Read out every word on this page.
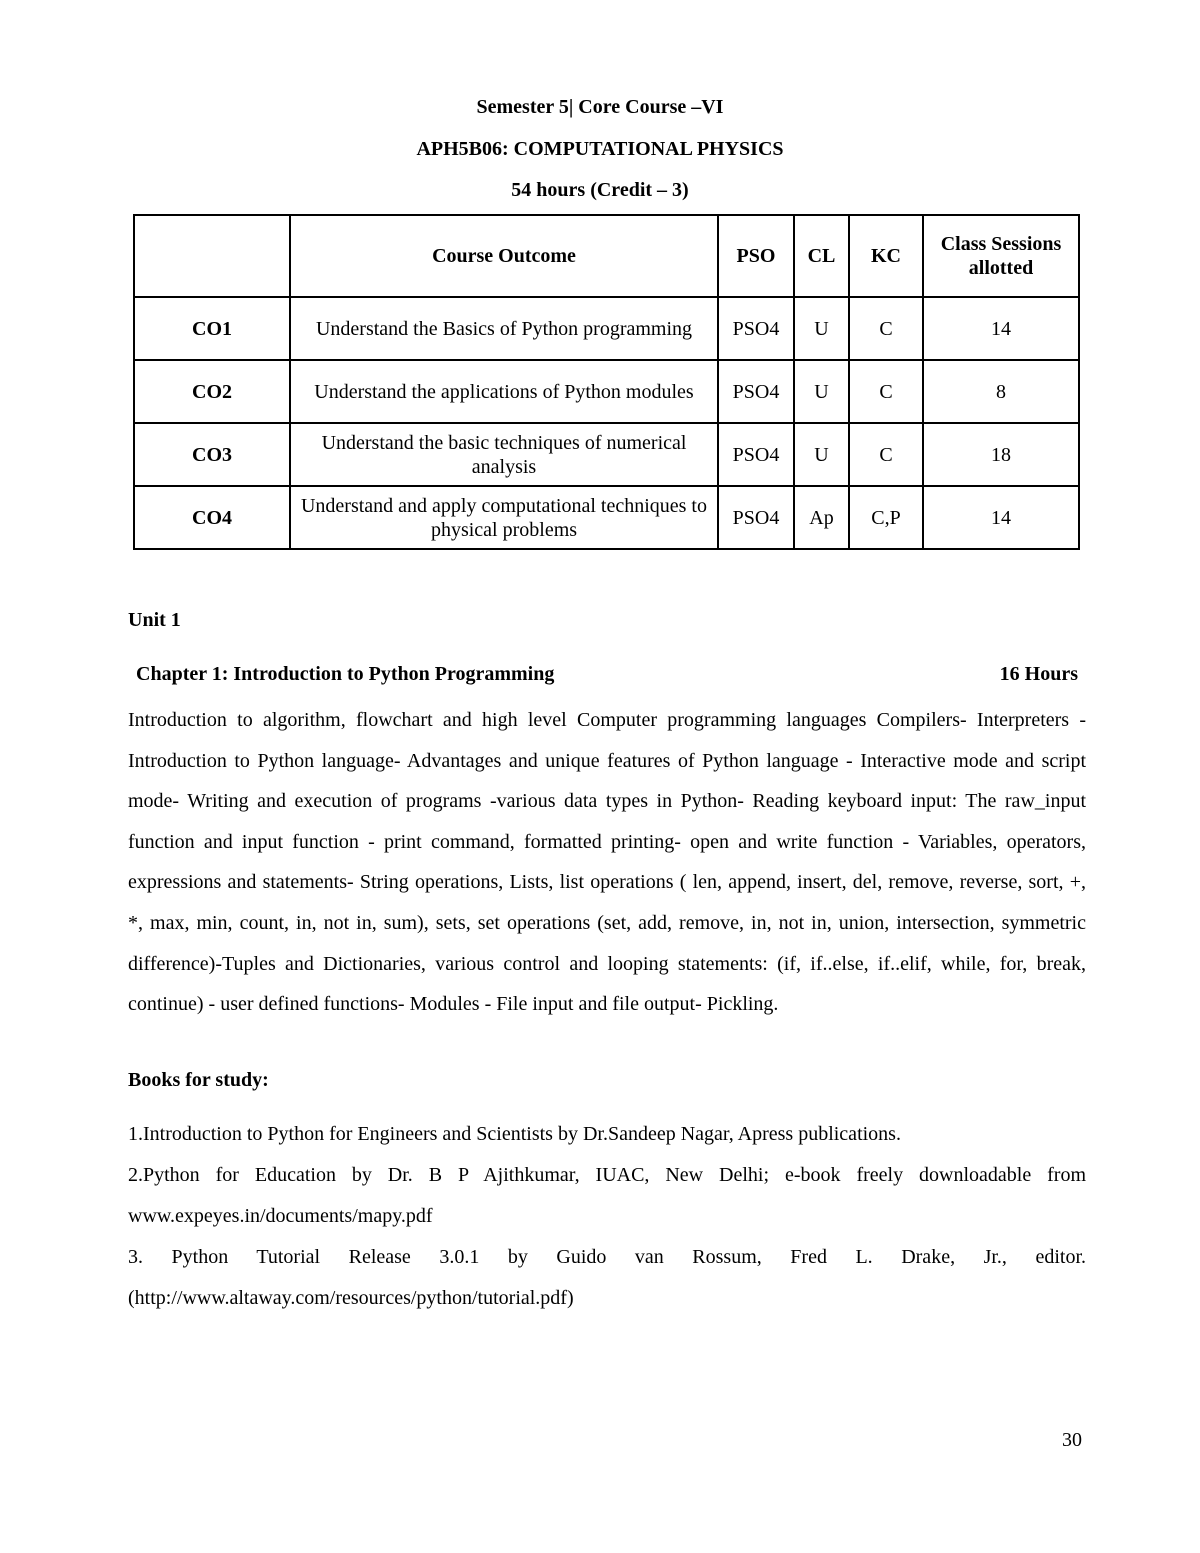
Semester 5| Core Course –VI
APH5B06: COMPUTATIONAL PHYSICS
54 hours (Credit – 3)
	Course Outcome	PSO	CL	KC	Class Sessions allotted
CO1	Understand the Basics of Python programming	PSO4	U	C	14
CO2	Understand the applications of Python modules	PSO4	U	C	8
CO3	Understand the basic techniques of numerical analysis	PSO4	U	C	18
CO4	Understand and apply computational techniques to physical problems	PSO4	Ap	C,P	14
Unit 1
Chapter 1: Introduction to Python Programming	16 Hours

Introduction to algorithm, flowchart and high level Computer programming languages Compilers- Interpreters - Introduction to Python language- Advantages and unique features of Python language - Interactive mode and script mode- Writing and execution of programs -various data types in Python- Reading keyboard input: The raw_input function and input function - print command, formatted printing- open and write function - Variables, operators, expressions and statements- String operations, Lists, list operations ( len, append, insert, del, remove, reverse, sort, +, *, max, min, count, in, not in, sum), sets, set operations (set, add, remove, in, not in, union, intersection, symmetric difference)-Tuples and Dictionaries, various control and looping statements: (if, if..else, if..elif, while, for, break, continue) - user defined functions- Modules - File input and file output- Pickling.

Books for study:

1.Introduction to Python for Engineers and Scientists by Dr.Sandeep Nagar, Apress publications.

2.Python for Education by Dr. B P Ajithkumar, IUAC, New Delhi; e-book freely downloadable from www.expeyes.in/documents/mapy.pdf

3. Python Tutorial Release 3.0.1 by Guido van Rossum, Fred L. Drake, Jr., editor. (http://www.altaway.com/resources/python/tutorial.pdf)

30
